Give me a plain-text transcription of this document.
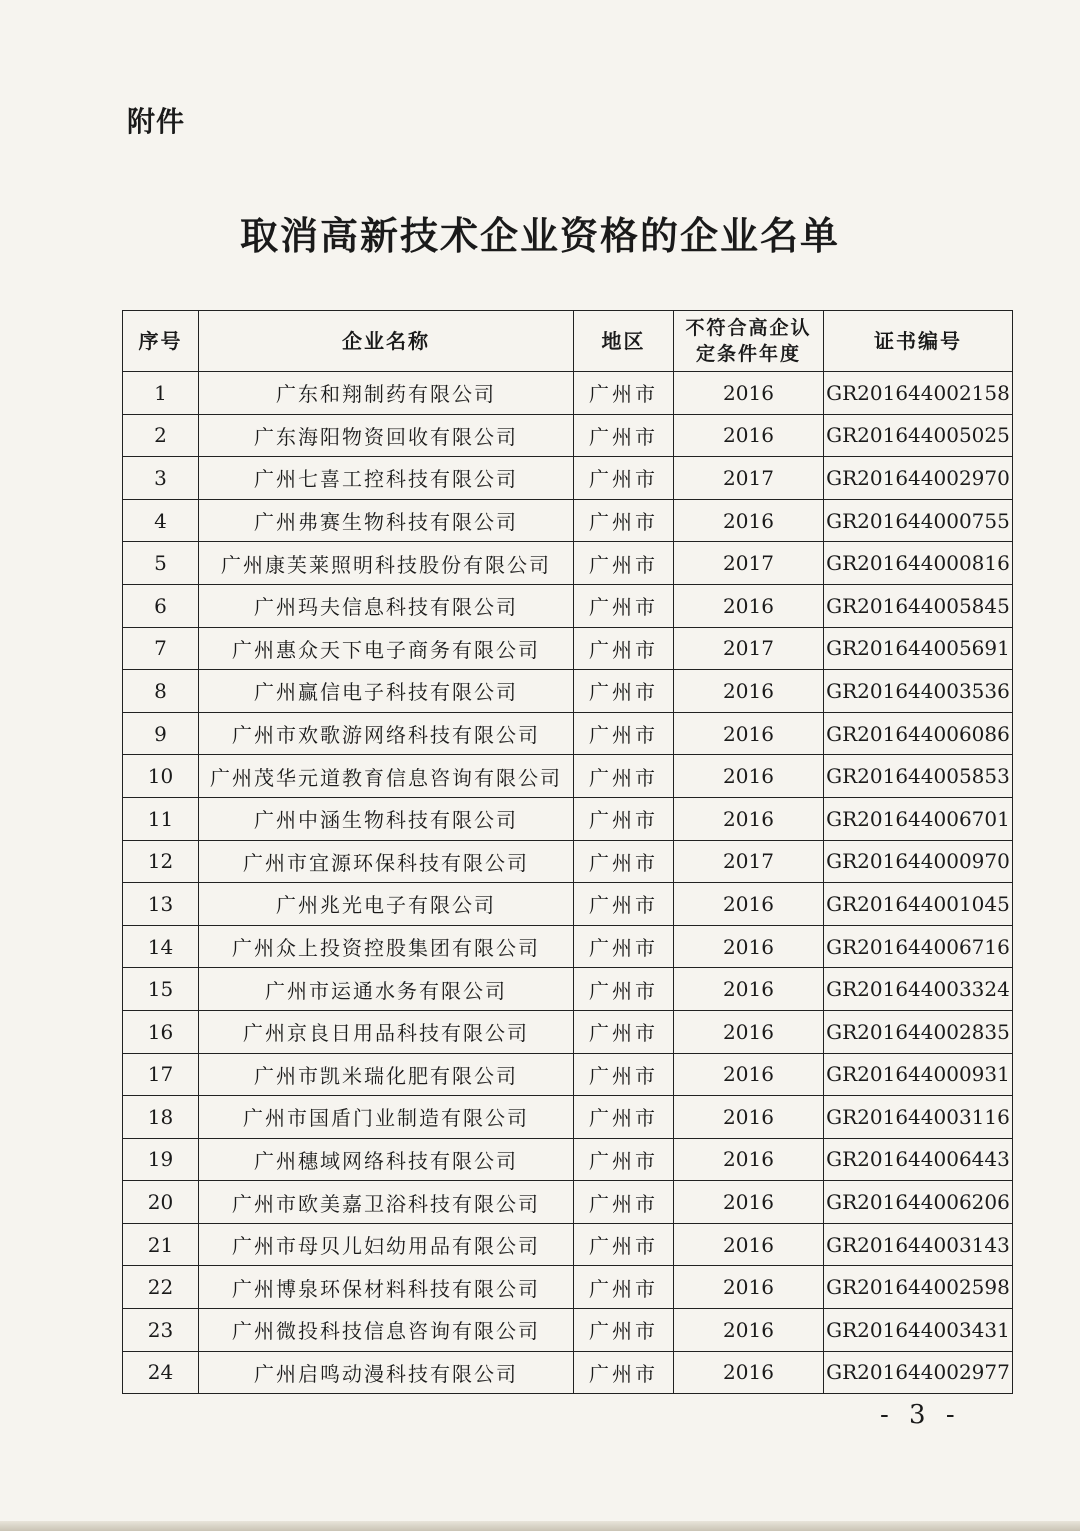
附件
取消高新技术企业资格的企业名单
序号	企业名称	地区	不符合高企认定条件年度	证书编号
1	广东和翔制药有限公司	广州市	2016	GR201644002158
2	广东海阳物资回收有限公司	广州市	2016	GR201644005025
3	广州七喜工控科技有限公司	广州市	2017	GR201644002970
4	广州弗赛生物科技有限公司	广州市	2016	GR201644000755
5	广州康芙莱照明科技股份有限公司	广州市	2017	GR201644000816
6	广州玛夫信息科技有限公司	广州市	2016	GR201644005845
7	广州惠众天下电子商务有限公司	广州市	2017	GR201644005691
8	广州赢信电子科技有限公司	广州市	2016	GR201644003536
9	广州市欢歌游网络科技有限公司	广州市	2016	GR201644006086
10	广州茂华元道教育信息咨询有限公司	广州市	2016	GR201644005853
11	广州中涵生物科技有限公司	广州市	2016	GR201644006701
12	广州市宜源环保科技有限公司	广州市	2017	GR201644000970
13	广州兆光电子有限公司	广州市	2016	GR201644001045
14	广州众上投资控股集团有限公司	广州市	2016	GR201644006716
15	广州市运通水务有限公司	广州市	2016	GR201644003324
16	广州京良日用品科技有限公司	广州市	2016	GR201644002835
17	广州市凯米瑞化肥有限公司	广州市	2016	GR201644000931
18	广州市国盾门业制造有限公司	广州市	2016	GR201644003116
19	广州穗域网络科技有限公司	广州市	2016	GR201644006443
20	广州市欧美嘉卫浴科技有限公司	广州市	2016	GR201644006206
21	广州市母贝儿妇幼用品有限公司	广州市	2016	GR201644003143
22	广州博泉环保材料科技有限公司	广州市	2016	GR201644002598
23	广州微投科技信息咨询有限公司	广州市	2016	GR201644003431
24	广州启鸣动漫科技有限公司	广州市	2016	GR201644002977
- 3 -
